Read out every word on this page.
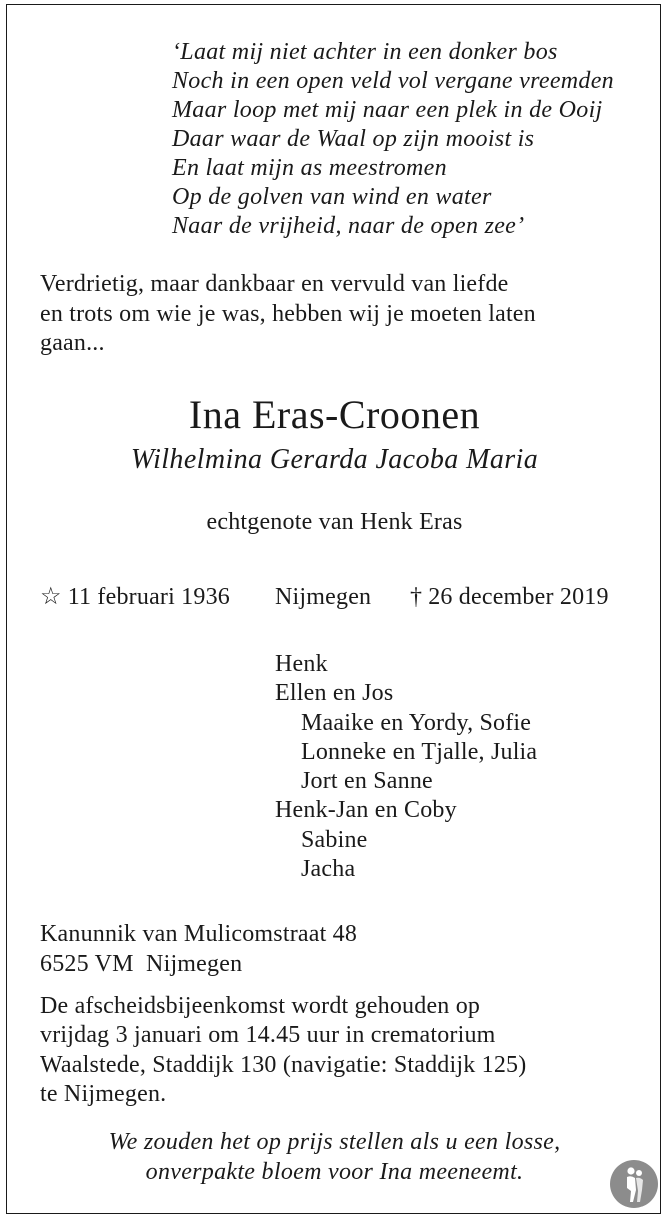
‘Laat mij niet achter in een donker bos
Noch in een open veld vol vergane vreemden
Maar loop met mij naar een plek in de Ooij
Daar waar de Waal op zijn mooist is
En laat mijn as meestromen
Op de golven van wind en water
Naar de vrijheid, naar de open zee’
Verdrietig, maar dankbaar en vervuld van liefde
en trots om wie je was, hebben wij je moeten laten
gaan...
Ina Eras-Croonen
Wilhelmina Gerarda Jacoba Maria
echtgenote van Henk Eras
☆ 11 februari 1936 Nijmegen † 26 december 2019
Henk
Ellen en Jos
Maaike en Yordy, Sofie
Lonneke en Tjalle, Julia
Jort en Sanne
Henk-Jan en Coby
Sabine
Jacha
Kanunnik van Mulicomstraat 48
6525 VM  Nijmegen
De afscheidsbijeenkomst wordt gehouden op
vrijdag 3 januari om 14.45 uur in crematorium
Waalstede, Staddijk 130 (navigatie: Staddijk 125)
te Nijmegen.
We zouden het op prijs stellen als u een losse,
onverpakte bloem voor Ina meeneemt.
